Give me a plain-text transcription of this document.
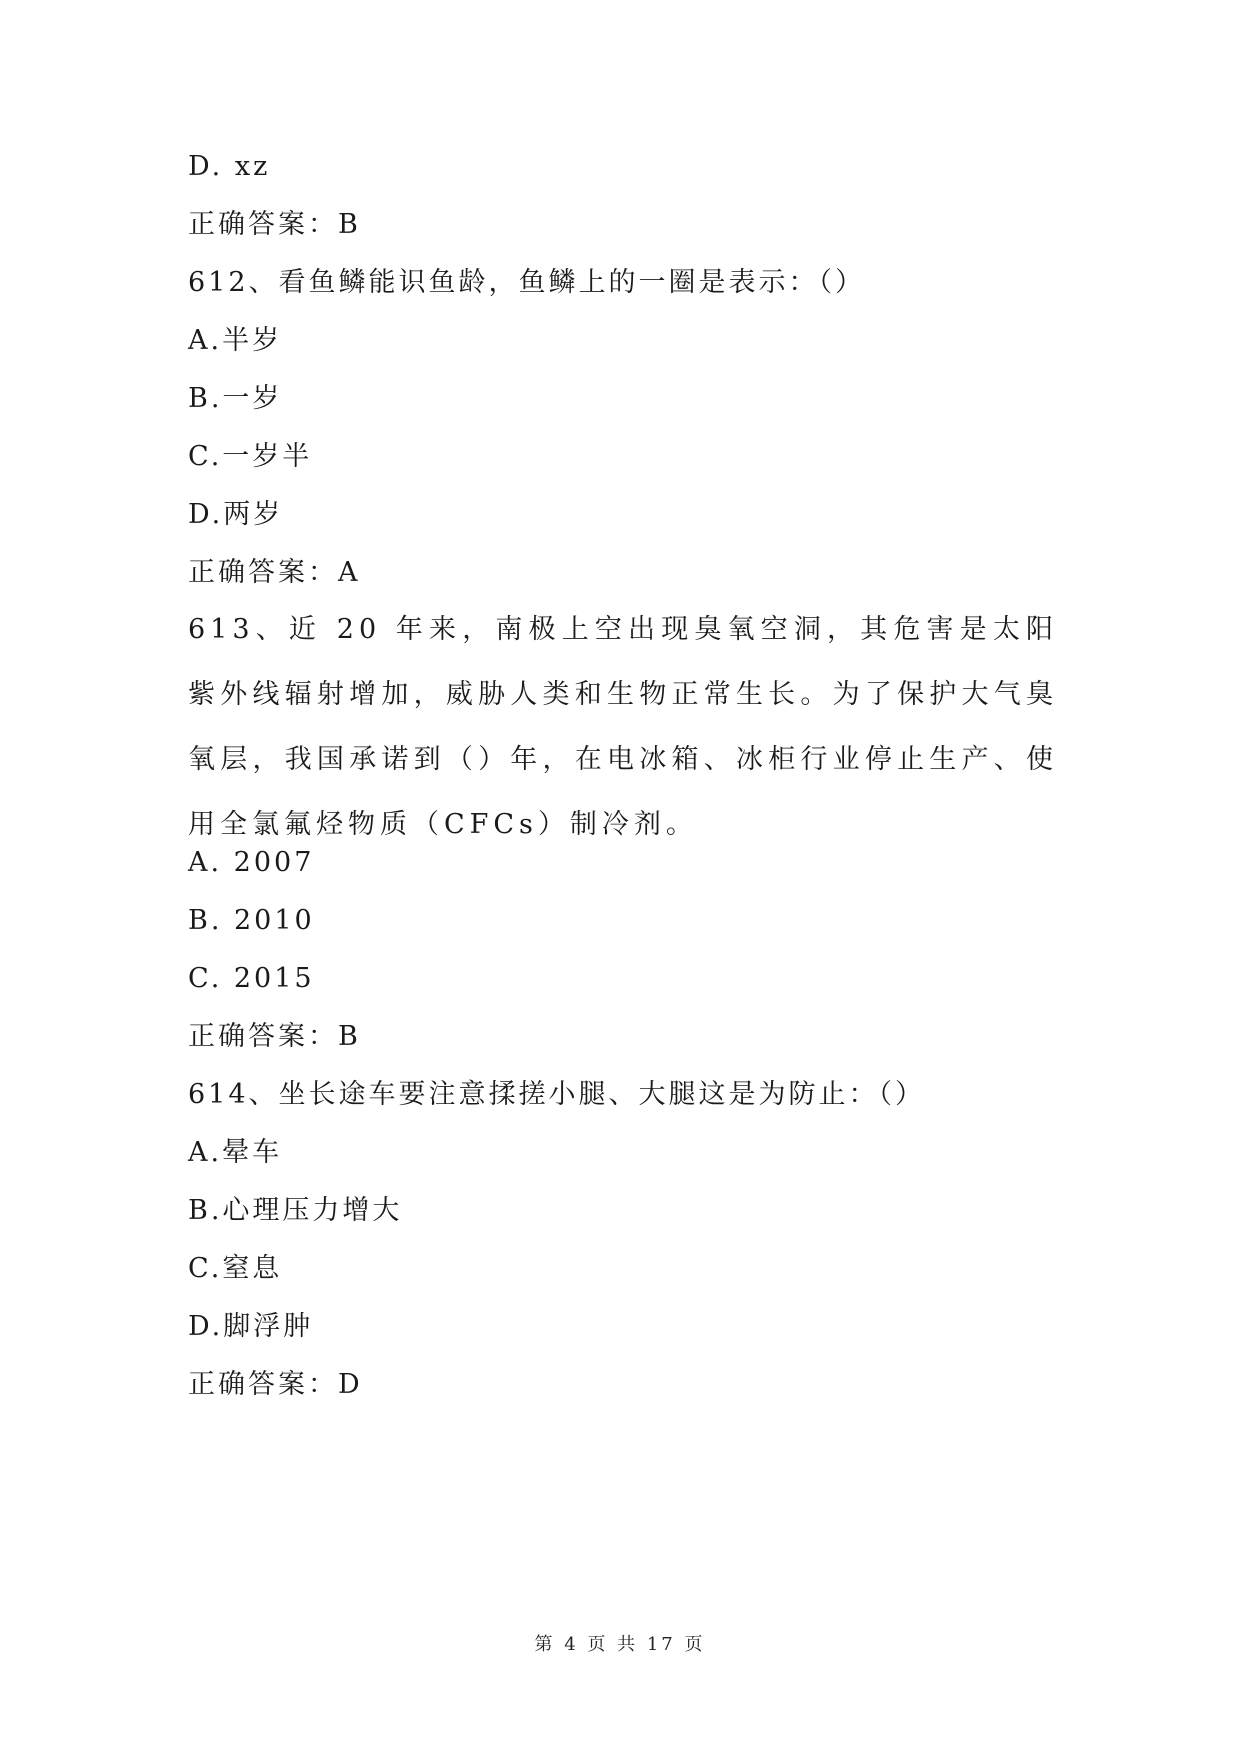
D. xz
正确答案：B
612、看鱼鳞能识鱼龄，鱼鳞上的一圈是表示：（）
A.半岁
B.一岁
C.一岁半
D.两岁
正确答案：A
613、近 20 年来，南极上空出现臭氧空洞，其危害是太阳紫外线辐射增加，威胁人类和生物正常生长。为了保护大气臭氧层，我国承诺到（）年，在电冰箱、冰柜行业停止生产、使用全氯氟烃物质（CFCs）制冷剂。
A. 2007
B. 2010
C. 2015
正确答案：B
614、坐长途车要注意揉搓小腿、大腿这是为防止：（）
A.晕车
B.心理压力增大
C.窒息
D.脚浮肿
正确答案：D
第 4 页 共 17 页
